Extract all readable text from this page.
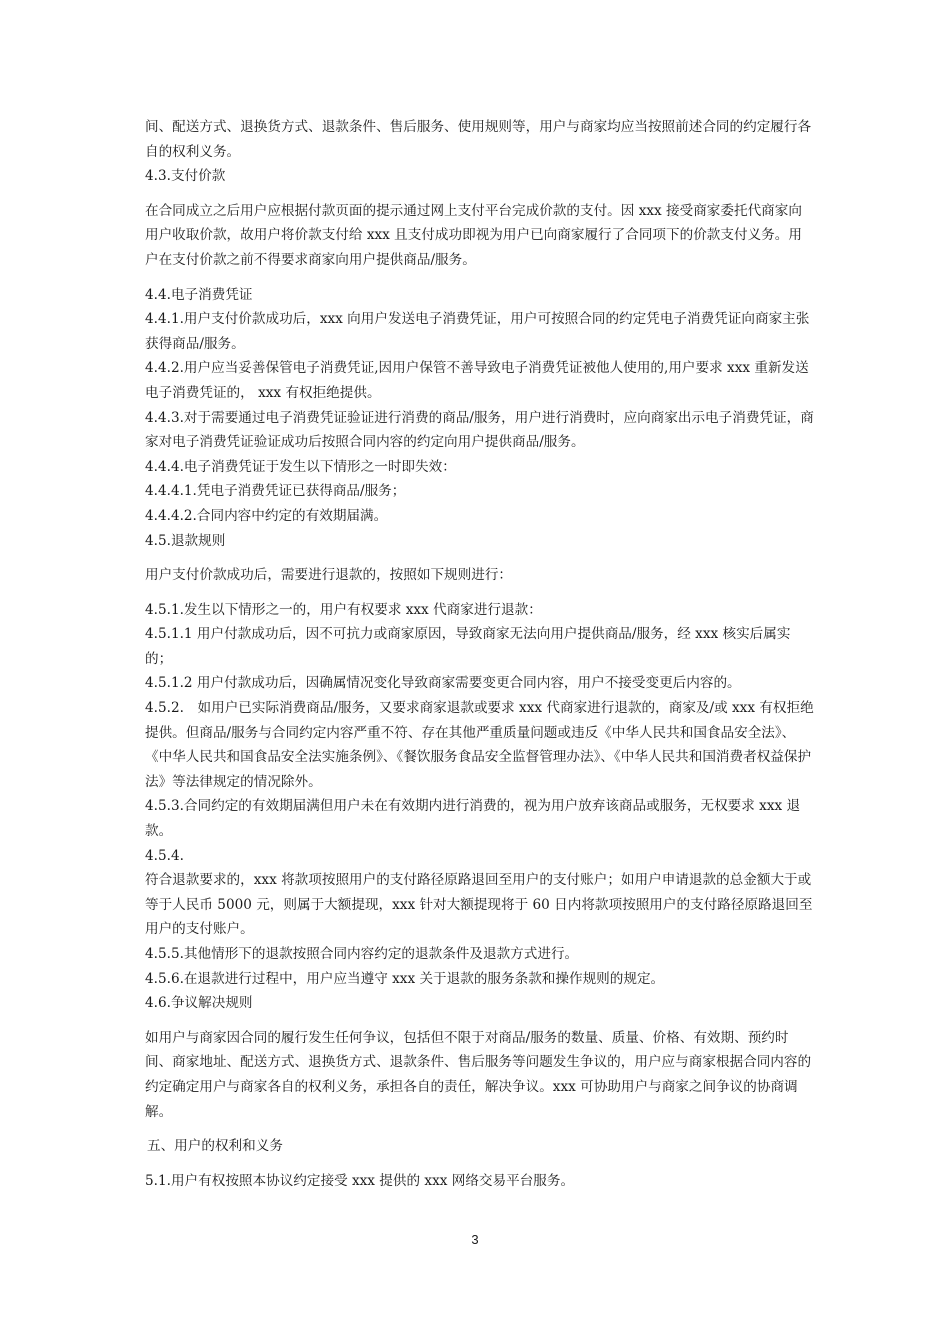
间、配送方式、退换货方式、退款条件、售后服务、使用规则等，用户与商家均应当按照前述合同的约定履行各自的权利义务。

4.3.支付价款

在合同成立之后用户应根据付款页面的提示通过网上支付平台完成价款的支付。因 xxx 接受商家委托代商家向用户收取价款，故用户将价款支付给 xxx 且支付成功即视为用户已向商家履行了合同项下的价款支付义务。用户在支付价款之前不得要求商家向用户提供商品/服务。

4.4.电子消费凭证

4.4.1.用户支付价款成功后，xxx 向用户发送电子消费凭证，用户可按照合同的约定凭电子消费凭证向商家主张获得商品/服务。

4.4.2.用户应当妥善保管电子消费凭证,因用户保管不善导致电子消费凭证被他人使用的,用户要求 xxx 重新发送电子消费凭证的， xxx 有权拒绝提供。

4.4.3.对于需要通过电子消费凭证验证进行消费的商品/服务，用户进行消费时，应向商家出示电子消费凭证，商家对电子消费凭证验证成功后按照合同内容的约定向用户提供商品/服务。

4.4.4.电子消费凭证于发生以下情形之一时即失效：

4.4.4.1.凭电子消费凭证已获得商品/服务；

4.4.4.2.合同内容中约定的有效期届满。

4.5.退款规则

用户支付价款成功后，需要进行退款的，按照如下规则进行：

4.5.1.发生以下情形之一的，用户有权要求 xxx 代商家进行退款：

4.5.1.1 用户付款成功后，因不可抗力或商家原因，导致商家无法向用户提供商品/服务，经 xxx 核实后属实的；

4.5.1.2 用户付款成功后，因确属情况变化导致商家需要变更合同内容，用户不接受变更后内容的。

4.5.2.　如用户已实际消费商品/服务，又要求商家退款或要求 xxx 代商家进行退款的，商家及/或 xxx 有权拒绝提供。但商品/服务与合同约定内容严重不符、存在其他严重质量问题或违反《中华人民共和国食品安全法》、《中华人民共和国食品安全法实施条例》、《餐饮服务食品安全监督管理办法》、《中华人民共和国消费者权益保护法》等法律规定的情况除外。

4.5.3.合同约定的有效期届满但用户未在有效期内进行消费的，视为用户放弃该商品或服务，无权要求 xxx 退款。

4.5.4.

符合退款要求的，xxx 将款项按照用户的支付路径原路退回至用户的支付账户；如用户申请退款的总金额大于或等于人民币 5000 元，则属于大额提现，xxx 针对大额提现将于 60 日内将款项按照用户的支付路径原路退回至用户的支付账户。

4.5.5.其他情形下的退款按照合同内容约定的退款条件及退款方式进行。

4.5.6.在退款进行过程中，用户应当遵守 xxx 关于退款的服务条款和操作规则的规定。

4.6.争议解决规则

如用户与商家因合同的履行发生任何争议，包括但不限于对商品/服务的数量、质量、价格、有效期、预约时间、商家地址、配送方式、退换货方式、退款条件、售后服务等问题发生争议的，用户应与商家根据合同内容的约定确定用户与商家各自的权利义务，承担各自的责任，解决争议。xxx 可协助用户与商家之间争议的协商调解。

五、用户的权利和义务

5.1.用户有权按照本协议约定接受 xxx 提供的 xxx 网络交易平台服务。

3
